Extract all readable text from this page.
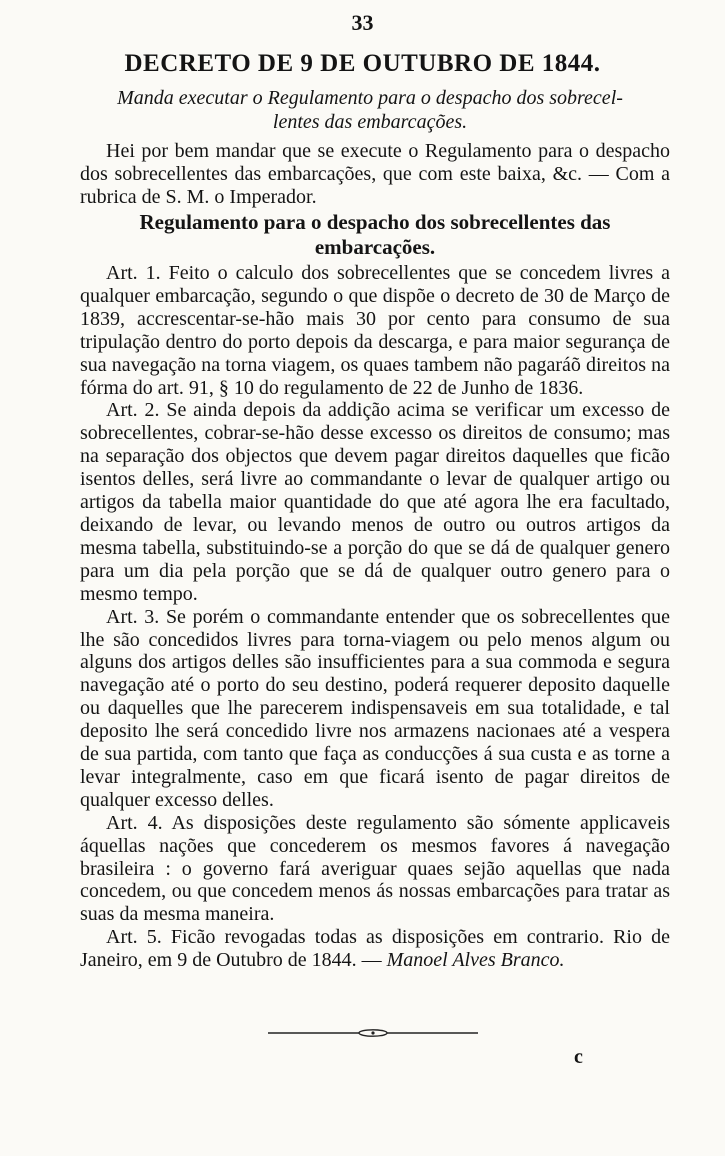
33
DECRETO DE 9 DE OUTUBRO DE 1844.
Manda executar o Regulamento para o despacho dos sobrecel-
lentes das embarcações.

Hei por bem mandar que se execute o Regulamento para o despacho dos sobrecellentes das embarcações, que com este baixa, &c. — Com a rubrica de S. M. o Imperador.

Regulamento para o despacho dos sobrecellentes das
embarcações.

Art. 1. Feito o calculo dos sobrecellentes que se concedem livres a qualquer embarcação, segundo o que dispõe o decreto de 30 de Março de 1839, accrescentar-se-hão mais 30 por cento para consumo de sua tripulação dentro do porto depois da descarga, e para maior segurança de sua navegação na torna viagem, os quaes tambem não pagaráõ direitos na fórma do art. 91, § 10 do regulamento de 22 de Junho de 1836.

Art. 2. Se ainda depois da addição acima se verificar um excesso de sobrecellentes, cobrar-se-hão desse excesso os direitos de consumo; mas na separação dos objectos que devem pagar direitos daquelles que ficão isentos delles, será livre ao commandante o levar de qualquer artigo ou artigos da tabella maior quantidade do que até agora lhe era facultado, deixando de levar, ou levando menos de outro ou outros artigos da mesma tabella, substituindo-se a porção do que se dá de qualquer genero para um dia pela porção que se dá de qualquer outro genero para o mesmo tempo.

Art. 3. Se porém o commandante entender que os sobrecellentes que lhe são concedidos livres para torna-viagem ou pelo menos algum ou alguns dos artigos delles são insufficientes para a sua commoda e segura navegação até o porto do seu destino, poderá requerer deposito daquelle ou daquelles que lhe parecerem indispensaveis em sua totalidade, e tal deposito lhe será concedido livre nos armazens nacionaes até a vespera de sua partida, com tanto que faça as conducções á sua custa e as torne a levar integralmente, caso em que ficará isento de pagar direitos de qualquer excesso delles.

Art. 4. As disposições deste regulamento são sómente applicaveis áquellas nações que concederem os mesmos favores á navegação brasileira : o governo fará averiguar quaes sejão aquellas que nada concedem, ou que concedem menos ás nossas embarcações para tratar as suas da mesma maneira.

Art. 5. Ficão revogadas todas as disposições em contrario. Rio de Janeiro, em 9 de Outubro de 1844. — Manoel Alves Branco.

c
